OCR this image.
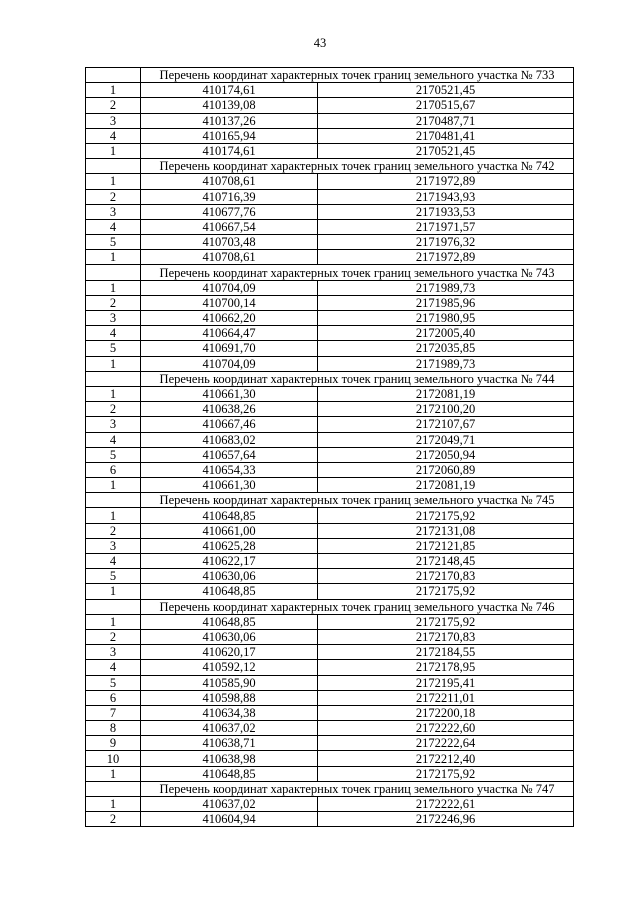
43
	Перечень координат характерных точек границ земельного участка № 733	
1	410174,61	2170521,45
2	410139,08	2170515,67
3	410137,26	2170487,71
4	410165,94	2170481,41
1	410174,61	2170521,45
	Перечень координат характерных точек границ земельного участка № 742	
1	410708,61	2171972,89
2	410716,39	2171943,93
3	410677,76	2171933,53
4	410667,54	2171971,57
5	410703,48	2171976,32
1	410708,61	2171972,89
	Перечень координат характерных точек границ земельного участка № 743	
1	410704,09	2171989,73
2	410700,14	2171985,96
3	410662,20	2171980,95
4	410664,47	2172005,40
5	410691,70	2172035,85
1	410704,09	2171989,73
	Перечень координат характерных точек границ земельного участка № 744	
1	410661,30	2172081,19
2	410638,26	2172100,20
3	410667,46	2172107,67
4	410683,02	2172049,71
5	410657,64	2172050,94
6	410654,33	2172060,89
1	410661,30	2172081,19
	Перечень координат характерных точек границ земельного участка № 745	
1	410648,85	2172175,92
2	410661,00	2172131,08
3	410625,28	2172121,85
4	410622,17	2172148,45
5	410630,06	2172170,83
1	410648,85	2172175,92
	Перечень координат характерных точек границ земельного участка № 746	
1	410648,85	2172175,92
2	410630,06	2172170,83
3	410620,17	2172184,55
4	410592,12	2172178,95
5	410585,90	2172195,41
6	410598,88	2172211,01
7	410634,38	2172200,18
8	410637,02	2172222,60
9	410638,71	2172222,64
10	410638,98	2172212,40
1	410648,85	2172175,92
	Перечень координат характерных точек границ земельного участка № 747	
1	410637,02	2172222,61
2	410604,94	2172246,96
